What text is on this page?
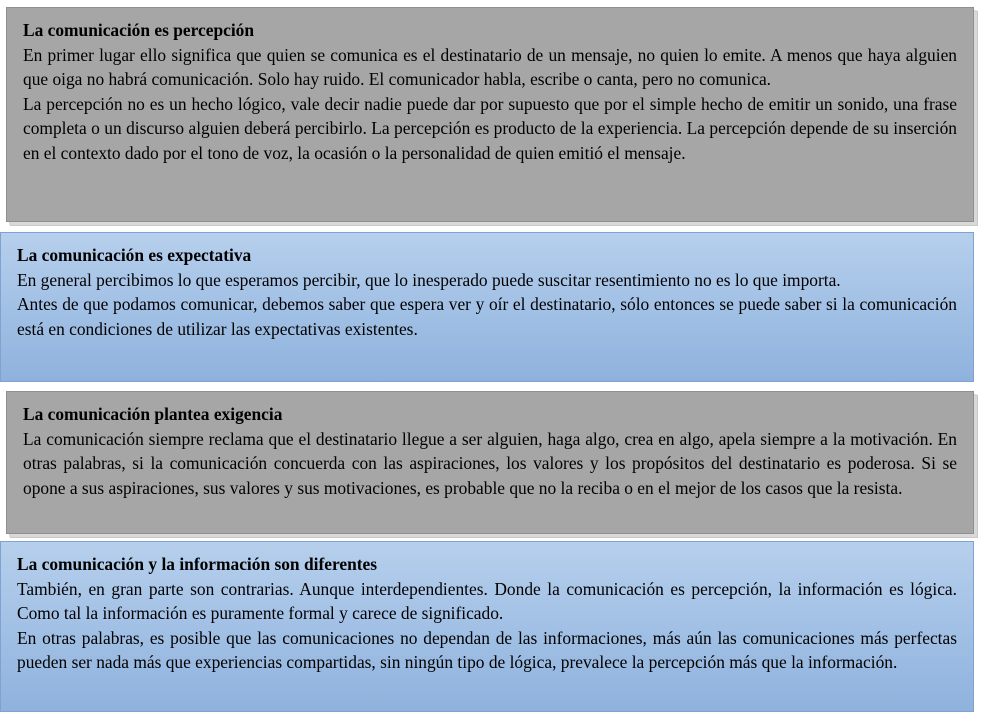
La comunicación es percepción

En primer lugar ello significa que quien se comunica es el destinatario de un mensaje, no quien lo emite. A menos que haya alguien que oiga no habrá comunicación. Solo hay ruido. El comunicador habla, escribe o canta, pero no comunica.

La percepción no es un hecho lógico, vale decir nadie puede dar por supuesto que por el simple hecho de emitir un sonido, una frase completa o un discurso alguien deberá percibirlo. La percepción es producto de la experiencia. La percepción depende de su inserción en el contexto dado por el tono de voz, la ocasión o la personalidad de quien emitió el mensaje.

La comunicación es expectativa

En general percibimos lo que esperamos percibir, que lo inesperado puede suscitar resentimiento no es lo que importa.

Antes de que podamos comunicar, debemos saber que espera ver y oír el destinatario, sólo entonces se puede saber si la comunicación está en condiciones de utilizar las expectativas existentes.

La comunicación plantea exigencia

La comunicación siempre reclama que el destinatario llegue a ser alguien, haga algo, crea en algo, apela siempre a la motivación. En otras palabras, si la comunicación concuerda con las aspiraciones, los valores y los propósitos del destinatario es poderosa. Si se opone a sus aspiraciones, sus valores y sus motivaciones, es probable que no la reciba o en el mejor de los casos que la resista.

La comunicación y la información son diferentes

También, en gran parte son contrarias. Aunque interdependientes. Donde la comunicación es percepción, la información es lógica. Como tal la información es puramente formal y carece de significado.

En otras palabras, es posible que las comunicaciones no dependan de las informaciones, más aún las comunicaciones más perfectas pueden ser nada más que experiencias compartidas, sin ningún tipo de lógica, prevalece la percepción más que la información.
